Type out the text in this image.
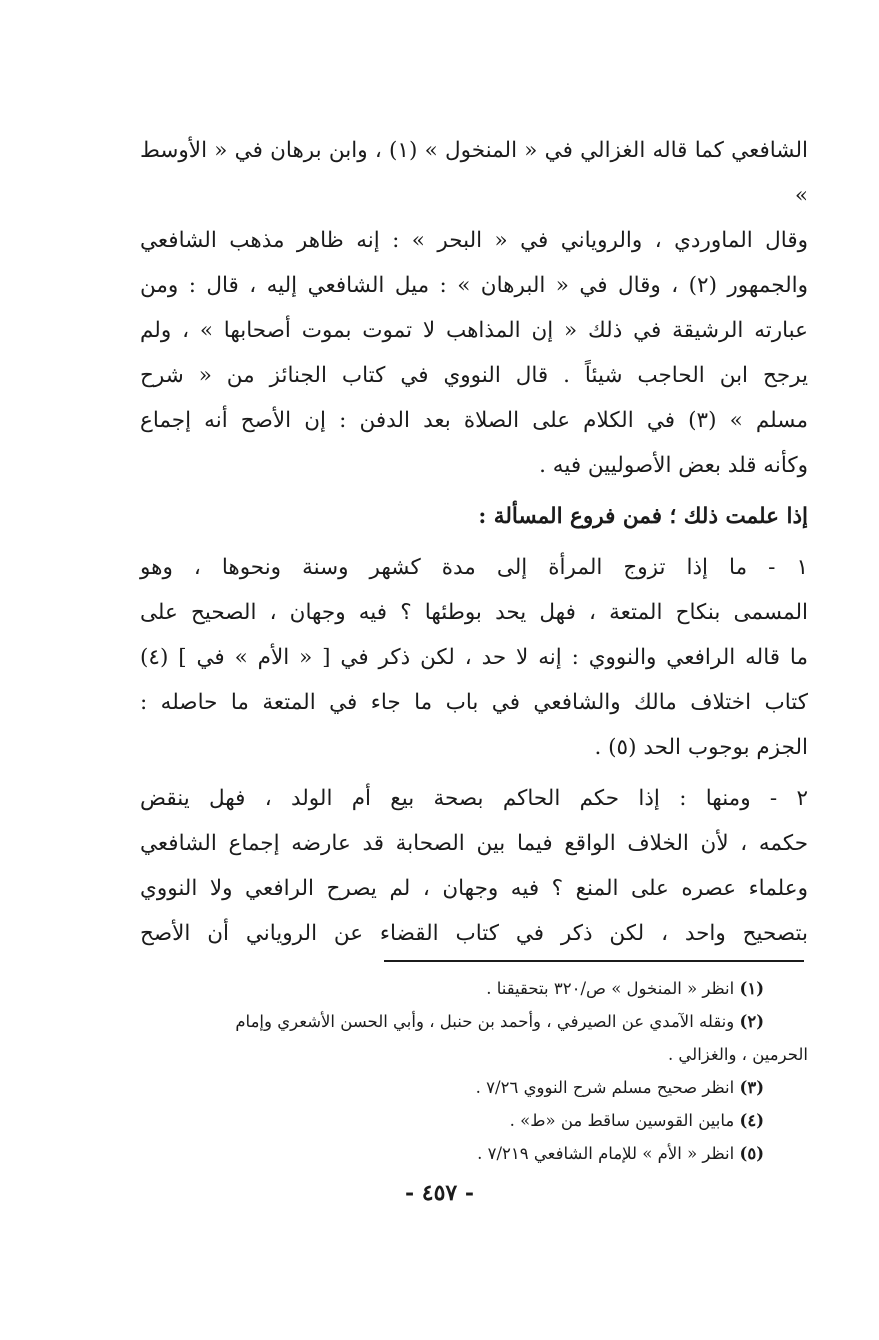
الشافعي كما قاله الغزالي في « المنخول » (١) ، وابن برهان في « الأوسط »
وقال الماوردي ، والروياني في « البحر » : إنه ظاهر مذهب الشافعي
والجمهور (٢) ، وقال في « البرهان » : ميل الشافعي إليه ، قال : ومن
عبارته الرشيقة في ذلك « إن المذاهب لا تموت بموت أصحابها » ، ولم
يرجح ابن الحاجب شيئاً . قال النووي في كتاب الجنائز من « شرح
مسلم » (٣) في الكلام على الصلاة بعد الدفن : إن الأصح أنه إجماع
وكأنه قلد بعض الأصوليين فيه .

إذا علمت ذلك ؛ فمن فروع المسألة :

١ - ما إذا تزوج المرأة إلى مدة كشهر وسنة ونحوها ، وهو
المسمى بنكاح المتعة ، فهل يحد بوطئها ؟ فيه وجهان ، الصحيح على
ما قاله الرافعي والنووي : إنه لا حد ، لكن ذكر في [ « الأم » في ] (٤)
كتاب اختلاف مالك والشافعي في باب ما جاء في المتعة ما حاصله :
الجزم بوجوب الحد (٥) .

٢ - ومنها : إذا حكم الحاكم بصحة بيع أم الولد ، فهل ينقض
حكمه ، لأن الخلاف الواقع فيما بين الصحابة قد عارضه إجماع الشافعي
وعلماء عصره على المنع ؟ فيه وجهان ، لم يصرح الرافعي ولا النووي
بتصحيح واحد ، لكن ذكر في كتاب القضاء عن الروياني أن الأصح

(١) انظر « المنخول » ص/٣٢٠ بتحقيقنا .
(٢) ونقله الآمدي عن الصيرفي ، وأحمد بن حنبل ، وأبي الحسن الأشعري وإمام
الحرمين ، والغزالي .
(٣) انظر صحيح مسلم شرح النووي ٧/٢٦ .
(٤) مابين القوسين ساقط من «ط» .
(٥) انظر « الأم » للإمام الشافعي ٧/٢١٩ .
- ٤٥٧ -
